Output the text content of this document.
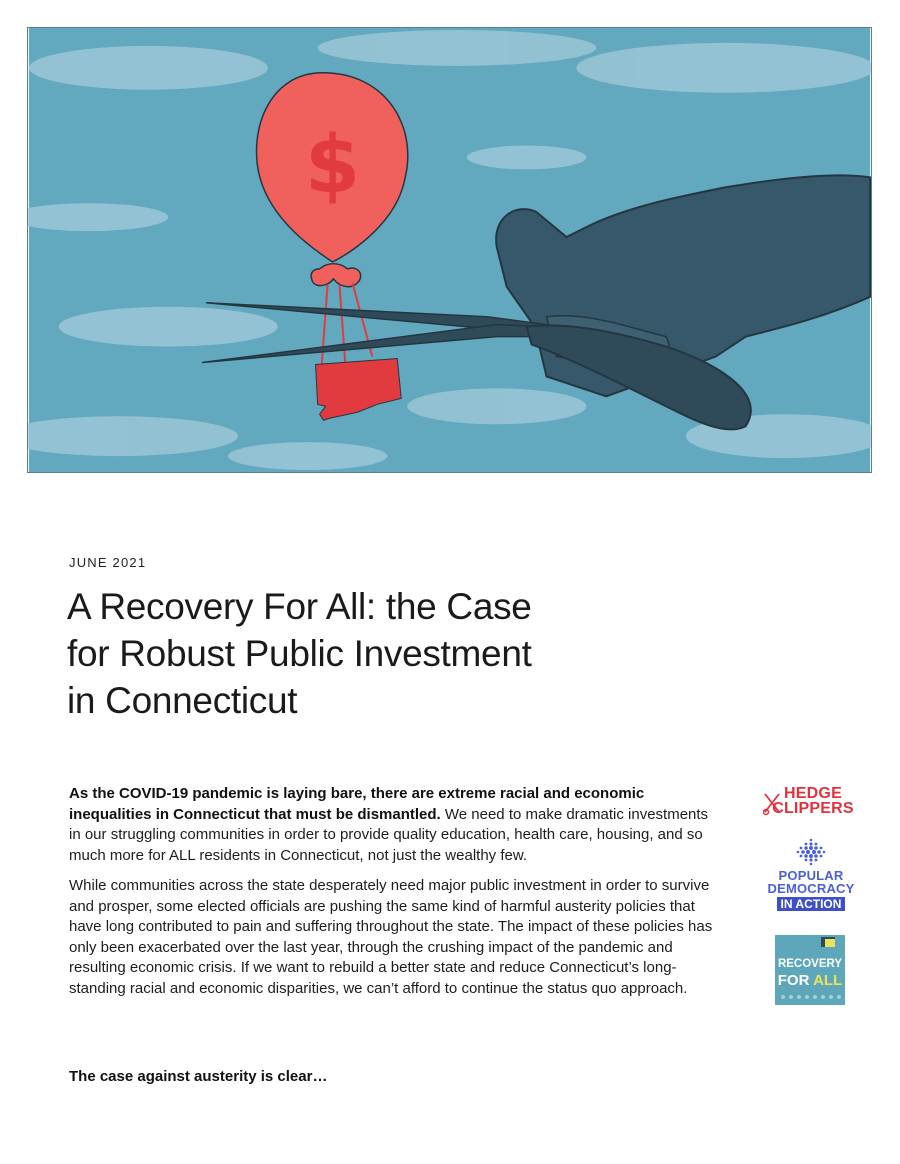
$
JUNE 2021
A Recovery For All: the Case
for Robust Public Investment
in Connecticut

As the COVID-19 pandemic is laying bare, there are extreme racial and economic inequalities in Connecticut that must be dismantled. We need to make dramatic investments in our struggling communities in order to provide quality education, health care, housing, and so much more for ALL residents in Connecticut, not just the wealthy few.

While communities across the state desperately need major public investment in order to survive and prosper, some elected officials are pushing the same kind of harmful austerity policies that have long contributed to pain and suffering throughout the state. The impact of these policies has only been exacerbated over the last year, through the crushing impact of the pandemic and resulting economic crisis. If we want to rebuild a better state and reduce Connecticut’s long-standing racial and economic disparities, we can’t afford to continue the status quo approach.

The case against austerity is clear…
HEDGE
CLIPPERS
POPULAR
DEMOCRACY
IN ACTION
RECOVERY
FOR ALL
